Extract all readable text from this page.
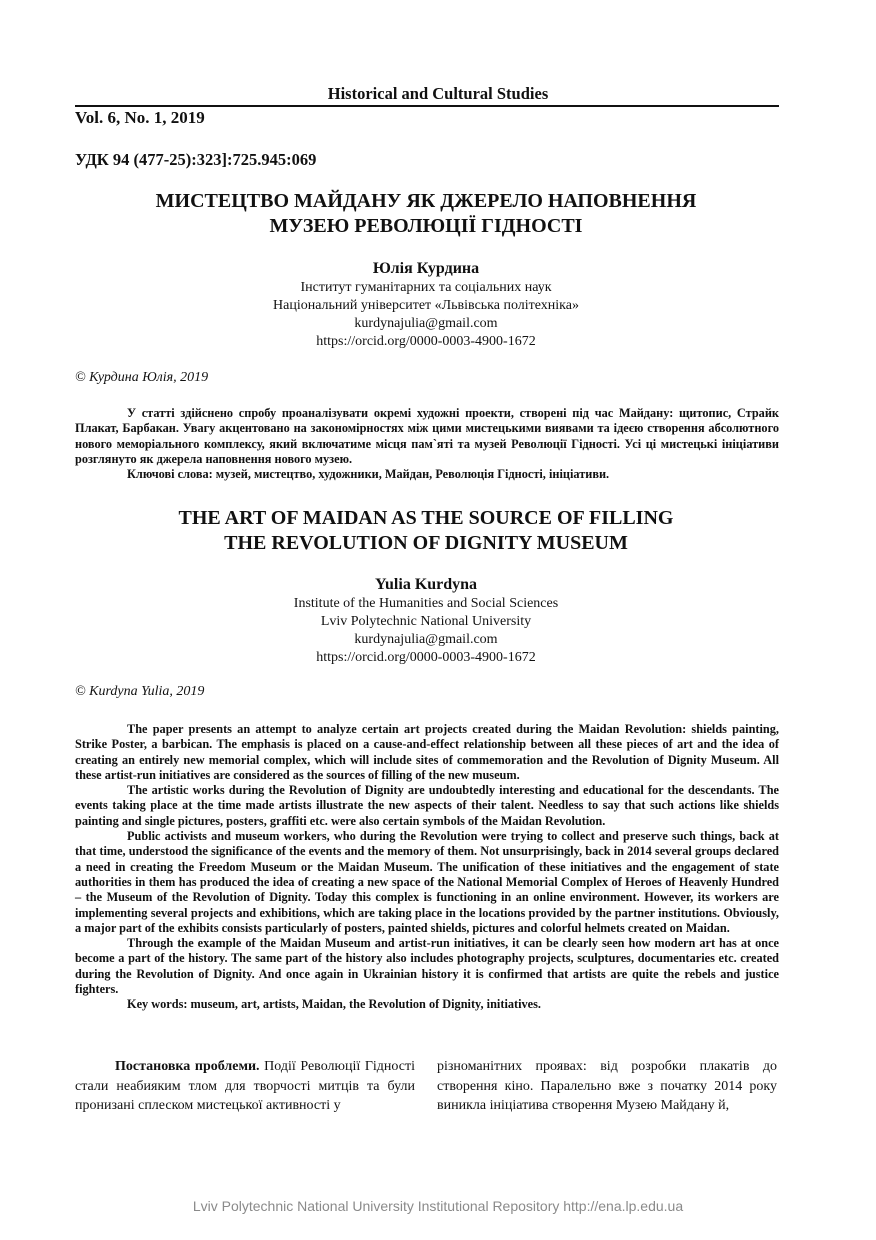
Historical and Cultural Studies
Vol. 6, No. 1, 2019
УДК 94 (477-25):323]:725.945:069
МИСТЕЦТВО МАЙДАНУ ЯК ДЖЕРЕЛО НАПОВНЕННЯ
МУЗЕЮ РЕВОЛЮЦІЇ ГІДНОСТІ
Юлія Курдина
Інститут гуманітарних та соціальних наук
Національний університет «Львівська політехніка»
kurdynajulia@gmail.com
https://orcid.org/0000-0003-4900-1672
© Курдина Юлія, 2019

У статті здійснено спробу проаналізувати окремі художні проекти, створені під час Майдану: щитопис, Страйк Плакат, Барбакан. Увагу акцентовано на закономірностях між цими мистецькими виявами та ідеєю створення абсолютного нового меморіального комплексу, який включатиме місця пам`яті та музей Революції Гідності. Усі ці мистецькі ініціативи розглянуто як джерела наповнення нового музею.

Ключові слова: музей, мистецтво, художники, Майдан, Революція Гідності, ініціативи.

THE ART OF MAIDAN AS THE SOURCE OF FILLING
THE REVOLUTION OF DIGNITY MUSEUM
Yulia Kurdyna
Institute of the Humanities and Social Sciences
Lviv Polytechnic National University
kurdynajulia@gmail.com
https://orcid.org/0000-0003-4900-1672
© Kurdyna Yulia, 2019

The paper presents an attempt to analyze certain art projects created during the Maidan Revolution: shields painting, Strike Poster, a barbican. The emphasis is placed on a cause-and-effect relationship between all these pieces of art and the idea of creating an entirely new memorial complex, which will include sites of commemoration and the Revolution of Dignity Museum. All these artist-run initiatives are considered as the sources of filling of the new museum.

The artistic works during the Revolution of Dignity are undoubtedly interesting and educational for the descendants. The events taking place at the time made artists illustrate the new aspects of their talent. Needless to say that such actions like shields painting and single pictures, posters, graffiti etc. were also certain symbols of the Maidan Revolution.

Public activists and museum workers, who during the Revolution were trying to collect and preserve such things, back at that time, understood the significance of the events and the memory of them. Not unsurprisingly, back in 2014 several groups declared a need in creating the Freedom Museum or the Maidan Museum. The unification of these initiatives and the engagement of state authorities in them has produced the idea of creating a new space of the National Memorial Complex of Heroes of Heavenly Hundred – the Museum of the Revolution of Dignity. Today this complex is functioning in an online environment. However, its workers are implementing several projects and exhibitions, which are taking place in the locations provided by the partner institutions. Obviously, a major part of the exhibits consists particularly of posters, painted shields, pictures and colorful helmets created on Maidan.

Through the example of the Maidan Museum and artist-run initiatives, it can be clearly seen how modern art has at once become a part of the history. The same part of the history also includes photography projects, sculptures, documentaries etc. created during the Revolution of Dignity. And once again in Ukrainian history it is confirmed that artists are quite the rebels and justice fighters.

Key words: museum, art, artists, Maidan, the Revolution of Dignity, initiatives.

Постановка проблеми. Події Революції Гідності стали неабияким тлом для творчості митців та були пронизані сплеском мистецької активності у

різноманітних проявах: від розробки плакатів до створення кіно. Паралельно вже з початку 2014 року виникла ініціатива створення Музею Майдану й,

Lviv Polytechnic National University Institutional Repository http://ena.lp.edu.ua
